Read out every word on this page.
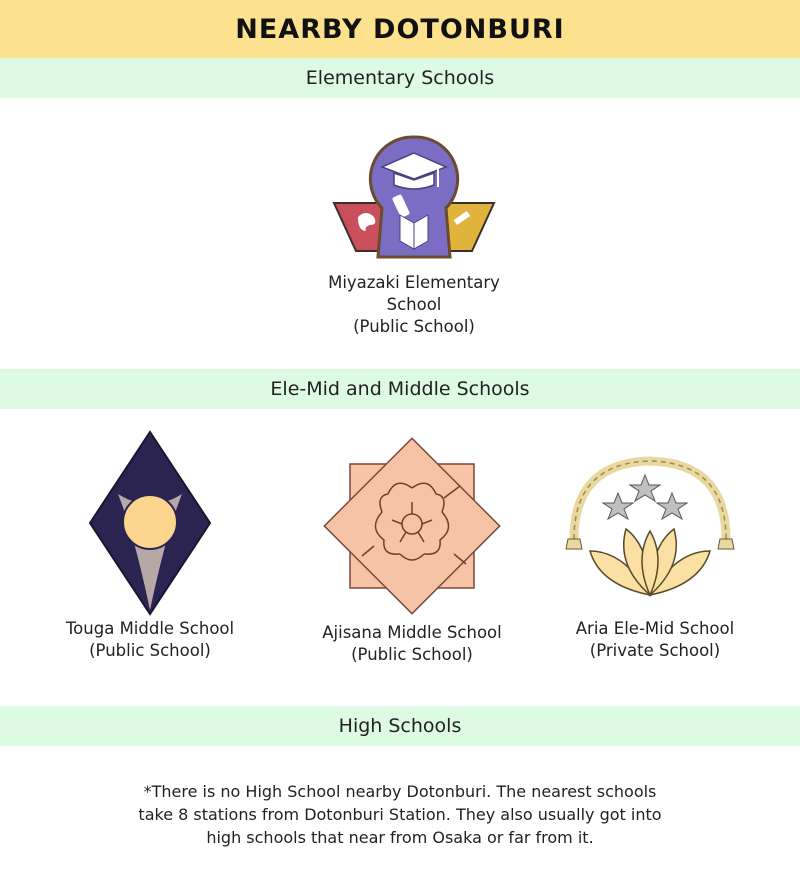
NEARBY DOTONBURI
Elementary Schools
Miyazaki Elementary
School
(Public School)
Ele-Mid and Middle Schools
Touga Middle School
(Public School)
Ajisana Middle School
(Public School)
Aria Ele-Mid School
(Private School)
High Schools
*There is no High School nearby Dotonburi. The nearest schools
take 8 stations from Dotonburi Station. They also usually got into
high schools that near from Osaka or far from it.
